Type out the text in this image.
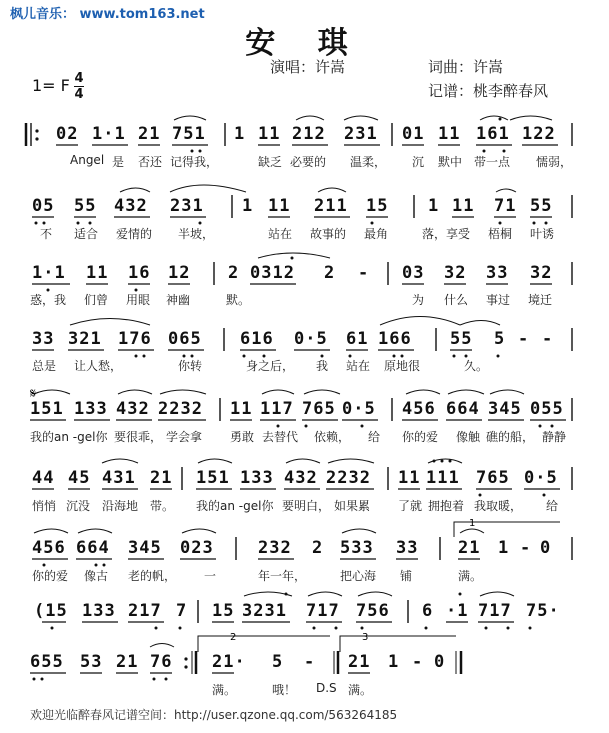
枫儿音乐： www.tom163.net
安 琪
演唱：许嵩	词曲：许嵩
记谱：桃李醉春风
1= F 4
4
02 1·1 21 751 1 11 212 231 01 11 161 122
Angel 是 否还 记得我，	缺乏 必要的 温柔， 沉 默中 带一点 懦弱，
05 55 432 231 1 11 211 15 1 11 71 55
不 适合 爱情的 半坡，	站在 故事的 最角	落，享受 梧桐 叶诱
1·1 11 16 12 2 0312 2 - 03 32 33 32
惑，我 们曾 用眼 神幽	默。	为 什么 事过 境迁
33 321 176 065 616 0·5 61 166 55 5 - -
总是 让人愁，	你转	身之后， 我 站在 原地很	久。
151 133 432 2232 11 117 765 0·5 456 664 345 055
我的an -gel你 要很乖， 学会拿 勇敢 去替代 依赖， 给 你的爱 像触 礁的船， 静静
44 45 431 21 151 133 432 2232 11 111 765 0·5
悄悄 沉没 沿海地 带。 我的an -gel你 要明白， 如果累 了就 拥抱着 我取暖， 给
456 664 345 023	232 2 533 33 21 1 - 0
你的爱 像古 老的帆， 一	年一年，	把心海 铺	满。
(15 133 217 7 15 3231 717 756 6 ·1 717 75·
655 53 21 76 21· 5 - 21 1 - 0
满。	哦！ D.S 满。
1
2	3
𝄋
欢迎光临醉春风记谱空间：http://user.qzone.qq.com/563264185
